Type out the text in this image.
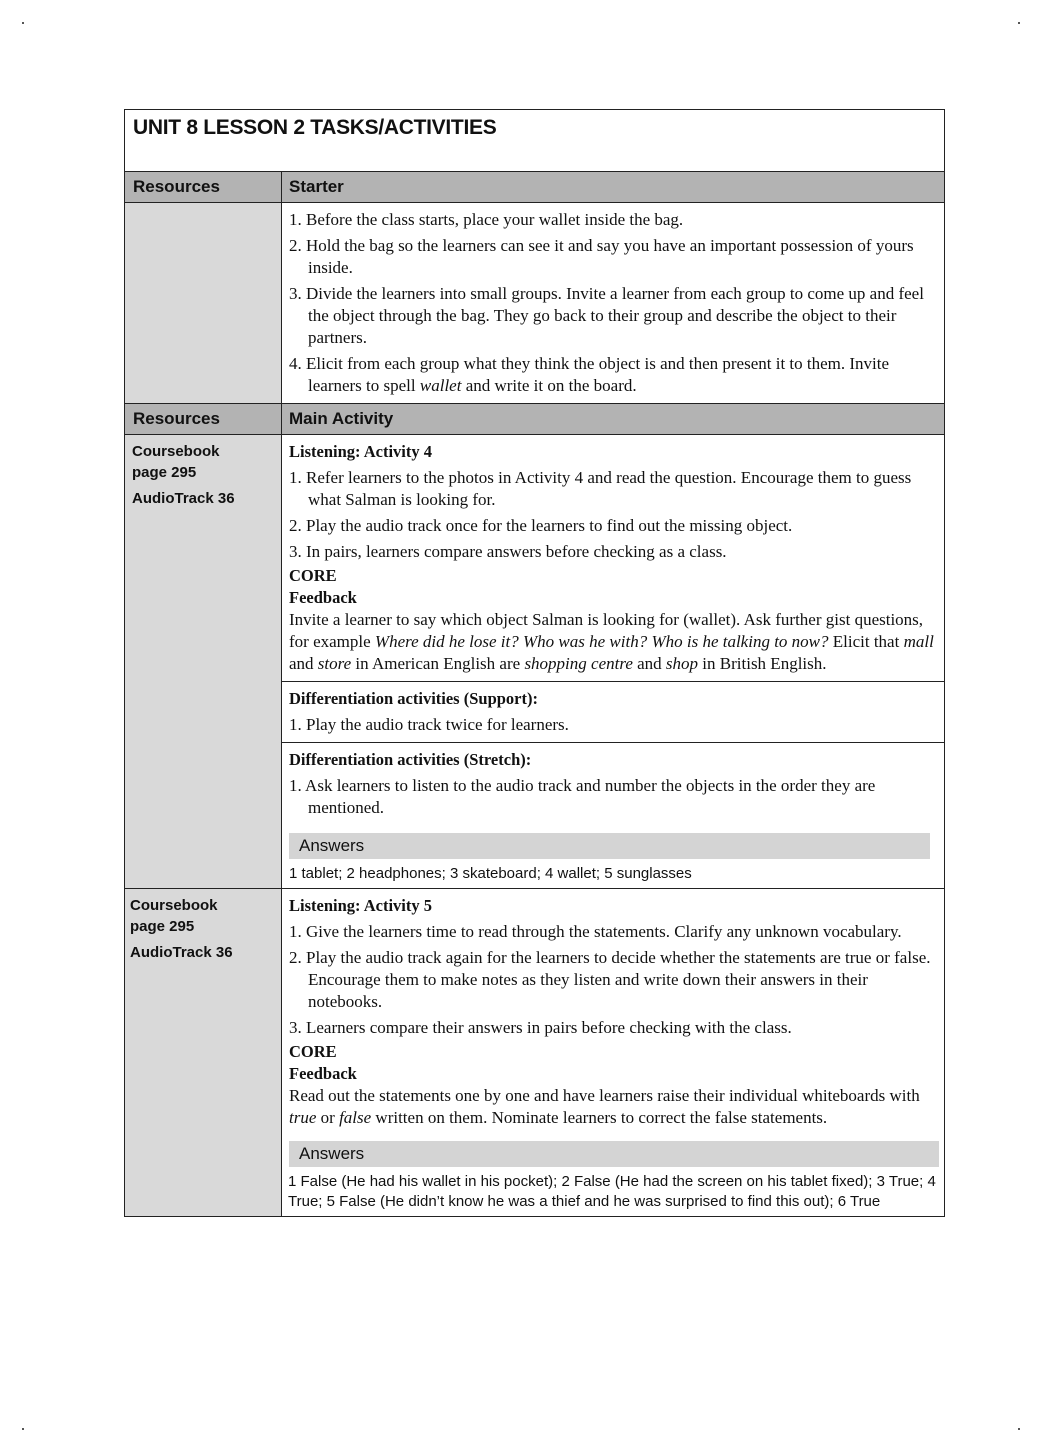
UNIT 8 LESSON 2 TASKS/ACTIVITIES
Resources	Starter
1. Before the class starts, place your wallet inside the bag.
2. Hold the bag so the learners can see it and say you have an important possession of yours inside.
3. Divide the learners into small groups. Invite a learner from each group to come up and feel the object through the bag. They go back to their group and describe the object to their partners.
4. Elicit from each group what they think the object is and then present it to them. Invite learners to spell wallet and write it on the board.
Resources	Main Activity
Coursebook
page 295
AudioTrack 36
Listening: Activity 4
1. Refer learners to the photos in Activity 4 and read the question. Encourage them to guess what Salman is looking for.
2. Play the audio track once for the learners to find out the missing object.
3. In pairs, learners compare answers before checking as a class.
CORE
Feedback
Invite a learner to say which object Salman is looking for (wallet). Ask further gist questions, for example Where did he lose it? Who was he with? Who is he talking to now? Elicit that mall and store in American English are shopping centre and shop in British English.
Differentiation activities (Support):
1. Play the audio track twice for learners.
Differentiation activities (Stretch):
1. Ask learners to listen to the audio track and number the objects in the order they are mentioned.
Answers
1 tablet; 2 headphones; 3 skateboard; 4 wallet; 5 sunglasses
Coursebook
page 295
AudioTrack 36
Listening: Activity 5
1. Give the learners time to read through the statements. Clarify any unknown vocabulary.
2. Play the audio track again for the learners to decide whether the statements are true or false. Encourage them to make notes as they listen and write down their answers in their notebooks.
3. Learners compare their answers in pairs before checking with the class.
CORE
Feedback
Read out the statements one by one and have learners raise their individual whiteboards with true or false written on them. Nominate learners to correct the false statements.
Answers
1 False (He had his wallet in his pocket); 2 False (He had the screen on his tablet fixed); 3 True; 4 True; 5 False (He didn’t know he was a thief and he was surprised to find this out); 6 True
